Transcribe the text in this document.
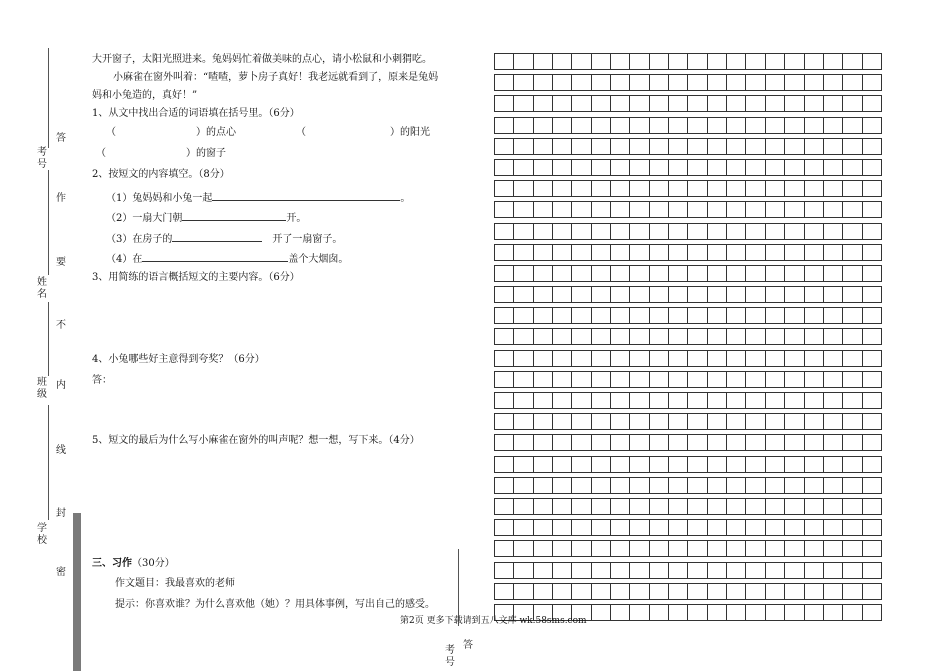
考号
姓名
班级
学校
答
作
要
不
内
线
封
密
大开窗子，太阳光照进来。兔妈妈忙着做美味的点心，请小松鼠和小刺猬吃。
小麻雀在窗外叫着：“喳喳，萝卜房子真好！我老远就看到了，原来是兔妈
妈和小兔造的，真好！”
1、从文中找出合适的词语填在括号里。（6分）
（	）的点心	（	）的阳光
（	）的窗子
2、按短文的内容填空。（8分）
（1）兔妈妈和小兔一起	。
（2）一扇大门朝	开。
（3）在房子的	开了一扇窗子。
（4）在	盖个大烟囱。
3、用简练的语言概括短文的主要内容。（6分）
4、小兔哪些好主意得到夸奖？（6分）
答：
5、短文的最后为什么写小麻雀在窗外的叫声呢？想一想，写下来。（4分）
三、习作（30分）
作文题目：我最喜欢的老师
提示：你喜欢谁？为什么喜欢他（她）？用具体事例，写出自己的感受。
答
考号
第2页 更多下载请到五八文库 wk.58sms.com
